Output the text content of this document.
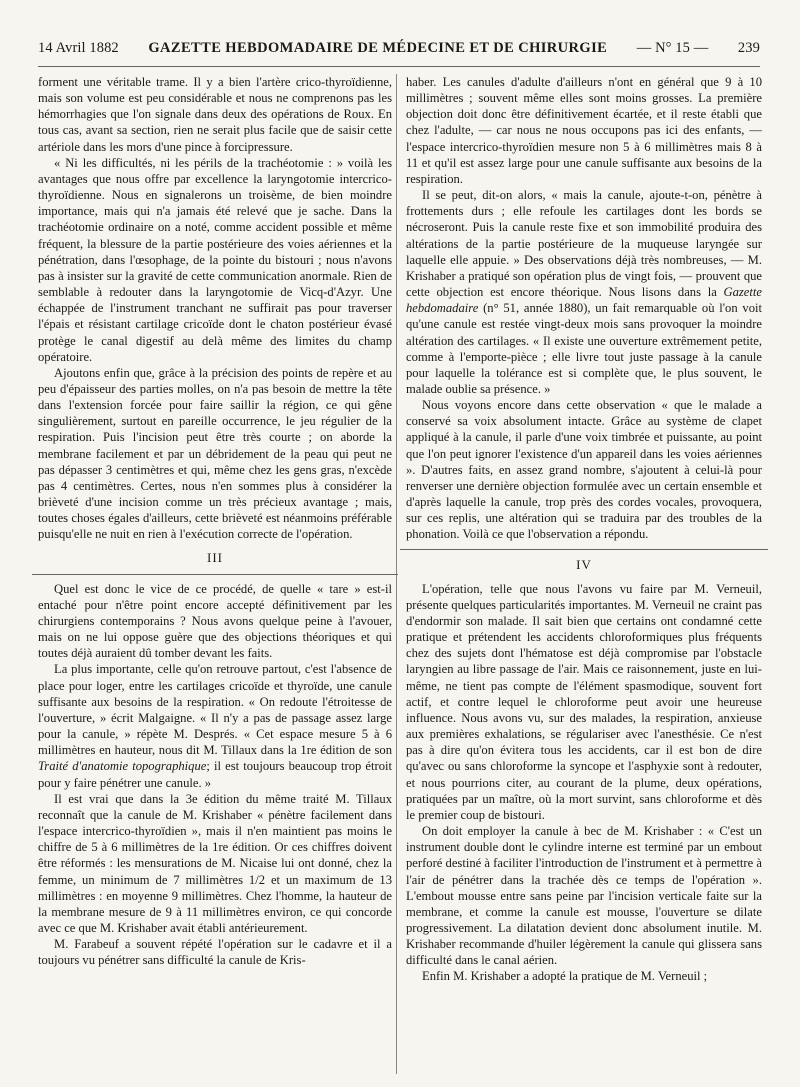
14 Avril 1882 GAZETTE HEBDOMADAIRE DE MÉDECINE ET DE CHIRURGIE — N° 15 — 239

forment une véritable trame. Il y a bien l'artère crico-thyroïdienne, mais son volume est peu considérable et nous ne comprenons pas les hémorrhagies que l'on signale dans deux des opérations de Roux. En tous cas, avant sa section, rien ne serait plus facile que de saisir cette artériole dans les mors d'une pince à forcipressure.

« Ni les difficultés, ni les périls de la trachéotomie : » voilà les avantages que nous offre par excellence la laryngotomie intercrico-thyroïdienne. Nous en signalerons un troisème, de bien moindre importance, mais qui n'a jamais été relevé que je sache. Dans la trachéotomie ordinaire on a noté, comme accident possible et même fréquent, la blessure de la partie postérieure des voies aériennes et la pénétration, dans l'œsophage, de la pointe du bistouri ; nous n'avons pas à insister sur la gravité de cette communication anormale. Rien de semblable à redouter dans la laryngotomie de Vicq-d'Azyr. Une échappée de l'instrument tranchant ne suffirait pas pour traverser l'épais et résistant cartilage cricoïde dont le chaton postérieur évasé protège le canal digestif au delà même des limites du champ opératoire.

Ajoutons enfin que, grâce à la précision des points de repère et au peu d'épaisseur des parties molles, on n'a pas besoin de mettre la tête dans l'extension forcée pour faire saillir la région, ce qui gêne singulièrement, surtout en pareille occurrence, le jeu régulier de la respiration. Puis l'incision peut être très courte ; on aborde la membrane facilement et par un débridement de la peau qui peut ne pas dépasser 3 centimètres et qui, même chez les gens gras, n'excède pas 4 centimètres. Certes, nous n'en sommes plus à considérer la brièveté d'une incision comme un très précieux avantage ; mais, toutes choses égales d'ailleurs, cette brièveté est néanmoins préférable puisqu'elle ne nuit en rien à l'exécution correcte de l'opération.

III

Quel est donc le vice de ce procédé, de quelle « tare » est-il entaché pour n'être point encore accepté définitivement par les chirurgiens contemporains ? Nous avons quelque peine à l'avouer, mais on ne lui oppose guère que des objections théoriques et qui toutes déjà auraient dû tomber devant les faits.

La plus importante, celle qu'on retrouve partout, c'est l'absence de place pour loger, entre les cartilages cricoïde et thyroïde, une canule suffisante aux besoins de la respiration. « On redoute l'étroitesse de l'ouverture, » écrit Malgaigne. « Il n'y a pas de passage assez large pour la canule, » répète M. Després. « Cet espace mesure 5 à 6 millimètres en hauteur, nous dit M. Tillaux dans la 1re édition de son Traité d'anatomie topographique; il est toujours beaucoup trop étroit pour y faire pénétrer une canule. »

Il est vrai que dans la 3e édition du même traité M. Tillaux reconnaît que la canule de M. Krishaber « pénètre facilement dans l'espace intercrico-thyroïdien », mais il n'en maintient pas moins le chiffre de 5 à 6 millimètres de la 1re édition. Or ces chiffres doivent être réformés : les mensurations de M. Nicaise lui ont donné, chez la femme, un minimum de 7 millimètres 1/2 et un maximum de 13 millimètres : en moyenne 9 millimètres. Chez l'homme, la hauteur de la membrane mesure de 9 à 11 millimètres environ, ce qui concorde avec ce que M. Krishaber avait établi antérieurement.

M. Farabeuf a souvent répété l'opération sur le cadavre et il a toujours vu pénétrer sans difficulté la canule de Kris-

haber. Les canules d'adulte d'ailleurs n'ont en général que 9 à 10 millimètres ; souvent même elles sont moins grosses. La première objection doit donc être définitivement écartée, et il reste établi que chez l'adulte, — car nous ne nous occupons pas ici des enfants, — l'espace intercrico-thyroïdien mesure non 5 à 6 millimètres mais 8 à 11 et qu'il est assez large pour une canule suffisante aux besoins de la respiration.

Il se peut, dit-on alors, « mais la canule, ajoute-t-on, pénètre à frottements durs ; elle refoule les cartilages dont les bords se nécroseront. Puis la canule reste fixe et son immobilité produira des altérations de la partie postérieure de la muqueuse laryngée sur laquelle elle appuie. » Des observations déjà très nombreuses, — M. Krishaber a pratiqué son opération plus de vingt fois, — prouvent que cette objection est encore théorique. Nous lisons dans la Gazette hebdomadaire (n° 51, année 1880), un fait remarquable où l'on voit qu'une canule est restée vingt-deux mois sans provoquer la moindre altération des cartilages. « Il existe une ouverture extrêmement petite, comme à l'emporte-pièce ; elle livre tout juste passage à la canule pour laquelle la tolérance est si complète que, le plus souvent, le malade oublie sa présence. »

Nous voyons encore dans cette observation « que le malade a conservé sa voix absolument intacte. Grâce au système de clapet appliqué à la canule, il parle d'une voix timbrée et puissante, au point que l'on peut ignorer l'existence d'un appareil dans les voies aériennes ». D'autres faits, en assez grand nombre, s'ajoutent à celui-là pour renverser une dernière objection formulée avec un certain ensemble et d'après laquelle la canule, trop près des cordes vocales, provoquera, sur ces replis, une altération qui se traduira par des troubles de la phonation. Voilà ce que l'observation a répondu.

IV

L'opération, telle que nous l'avons vu faire par M. Verneuil, présente quelques particularités importantes. M. Verneuil ne craint pas d'endormir son malade. Il sait bien que certains ont condamné cette pratique et prétendent les accidents chloroformiques plus fréquents chez des sujets dont l'hématose est déjà compromise par l'obstacle laryngien au libre passage de l'air. Mais ce raisonnement, juste en lui-même, ne tient pas compte de l'élément spasmodique, souvent fort actif, et contre lequel le chloroforme peut avoir une heureuse influence. Nous avons vu, sur des malades, la respiration, anxieuse aux premières exhalations, se régulariser avec l'anesthésie. Ce n'est pas à dire qu'on évitera tous les accidents, car il est bon de dire qu'avec ou sans chloroforme la syncope et l'asphyxie sont à redouter, et nous pourrions citer, au courant de la plume, deux opérations, pratiquées par un maître, où la mort survint, sans chloroforme et dès le premier coup de bistouri.

On doit employer la canule à bec de M. Krishaber : « C'est un instrument double dont le cylindre interne est terminé par un embout perforé destiné à faciliter l'introduction de l'instrument et à permettre à l'air de pénétrer dans la trachée dès ce temps de l'opération ». L'embout mousse entre sans peine par l'incision verticale faite sur la membrane, et comme la canule est mousse, l'ouverture se dilate progressivement. La dilatation devient donc absolument inutile. M. Krishaber recommande d'huiler légèrement la canule qui glissera sans difficulté dans le canal aérien.

Enfin M. Krishaber a adopté la pratique de M. Verneuil ;
